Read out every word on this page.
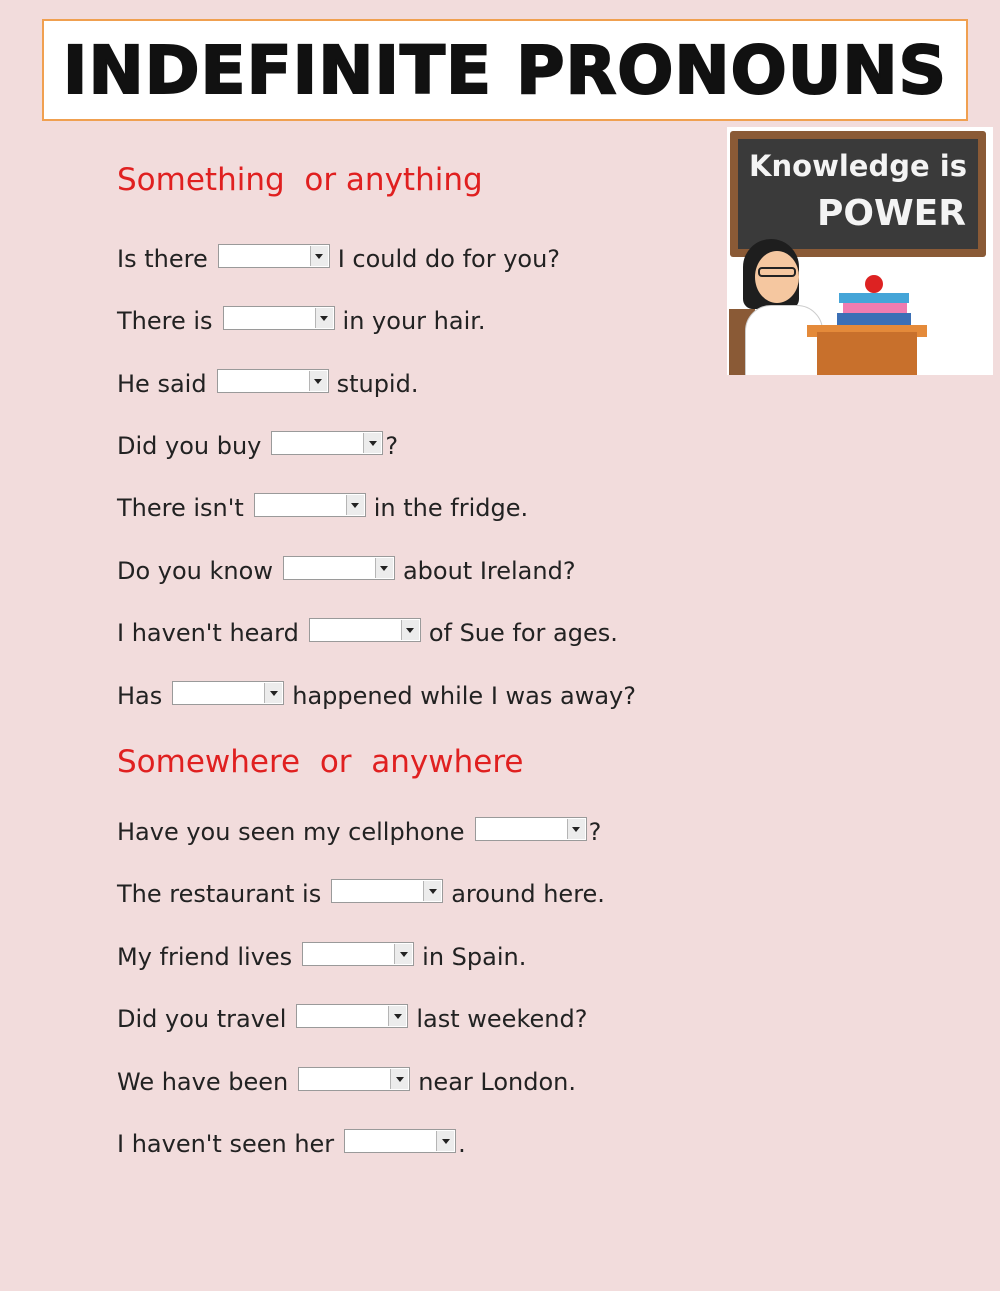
INDEFINITE PRONOUNS
Knowledge is
POWER
Something  or anything
Is there	I could do for you?
There is	in your hair.
He said	stupid.
Did you buy	?
There isn't	in the fridge.
Do you know	about Ireland?
I haven't heard	of Sue for ages.
Has	happened while I was away?
Somewhere  or  anywhere
Have you seen my cellphone	?
The restaurant is	around here.
My friend lives	in Spain.
Did you travel	last weekend?
We have been	near London.
I haven't seen her	.
